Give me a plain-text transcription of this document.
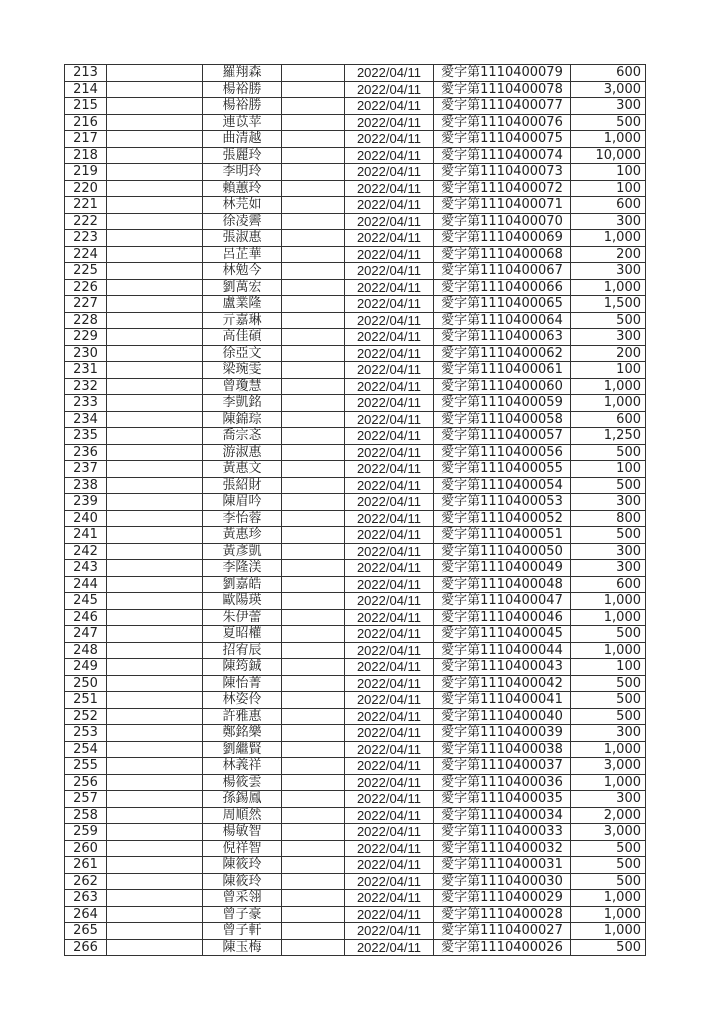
213		羅翔森		2022/04/11	愛字第1110400079	600
214		楊裕勝		2022/04/11	愛字第1110400078	3,000
215		楊裕勝		2022/04/11	愛字第1110400077	300
216		連苡苹		2022/04/11	愛字第1110400076	500
217		曲清越		2022/04/11	愛字第1110400075	1,000
218		張麗玲		2022/04/11	愛字第1110400074	10,000
219		李明玲		2022/04/11	愛字第1110400073	100
220		賴蕙玲		2022/04/11	愛字第1110400072	100
221		林芫如		2022/04/11	愛字第1110400071	600
222		徐凌霽		2022/04/11	愛字第1110400070	300
223		張淑惠		2022/04/11	愛字第1110400069	1,000
224		呂芷華		2022/04/11	愛字第1110400068	200
225		林勉今		2022/04/11	愛字第1110400067	300
226		劉萬宏		2022/04/11	愛字第1110400066	1,000
227		盧業隆		2022/04/11	愛字第1110400065	1,500
228		亓嘉琳		2022/04/11	愛字第1110400064	500
229		高佳碩		2022/04/11	愛字第1110400063	300
230		徐亞文		2022/04/11	愛字第1110400062	200
231		梁琬雯		2022/04/11	愛字第1110400061	100
232		曾瓊慧		2022/04/11	愛字第1110400060	1,000
233		李凱銘		2022/04/11	愛字第1110400059	1,000
234		陳錦琮		2022/04/11	愛字第1110400058	600
235		喬宗忞		2022/04/11	愛字第1110400057	1,250
236		游淑惠		2022/04/11	愛字第1110400056	500
237		黃惠文		2022/04/11	愛字第1110400055	100
238		張紹財		2022/04/11	愛字第1110400054	500
239		陳眉吟		2022/04/11	愛字第1110400053	300
240		李怡蓉		2022/04/11	愛字第1110400052	800
241		黃惠珍		2022/04/11	愛字第1110400051	500
242		黃彥凱		2022/04/11	愛字第1110400050	300
243		李隆渼		2022/04/11	愛字第1110400049	300
244		劉嘉皓		2022/04/11	愛字第1110400048	600
245		歐陽瑛		2022/04/11	愛字第1110400047	1,000
246		朱伊蕾		2022/04/11	愛字第1110400046	1,000
247		夏昭權		2022/04/11	愛字第1110400045	500
248		招宥辰		2022/04/11	愛字第1110400044	1,000
249		陳筠鋮		2022/04/11	愛字第1110400043	100
250		陳怡菁		2022/04/11	愛字第1110400042	500
251		林姿伶		2022/04/11	愛字第1110400041	500
252		許雅惠		2022/04/11	愛字第1110400040	500
253		鄭銘樂		2022/04/11	愛字第1110400039	300
254		劉繼賢		2022/04/11	愛字第1110400038	1,000
255		林義祥		2022/04/11	愛字第1110400037	3,000
256		楊筱雲		2022/04/11	愛字第1110400036	1,000
257		孫錫鳳		2022/04/11	愛字第1110400035	300
258		周順然		2022/04/11	愛字第1110400034	2,000
259		楊敏智		2022/04/11	愛字第1110400033	3,000
260		倪祥智		2022/04/11	愛字第1110400032	500
261		陳筱玲		2022/04/11	愛字第1110400031	500
262		陳筱玲		2022/04/11	愛字第1110400030	500
263		曾采翎		2022/04/11	愛字第1110400029	1,000
264		曾子豪		2022/04/11	愛字第1110400028	1,000
265		曾子軒		2022/04/11	愛字第1110400027	1,000
266		陳玉梅		2022/04/11	愛字第1110400026	500
